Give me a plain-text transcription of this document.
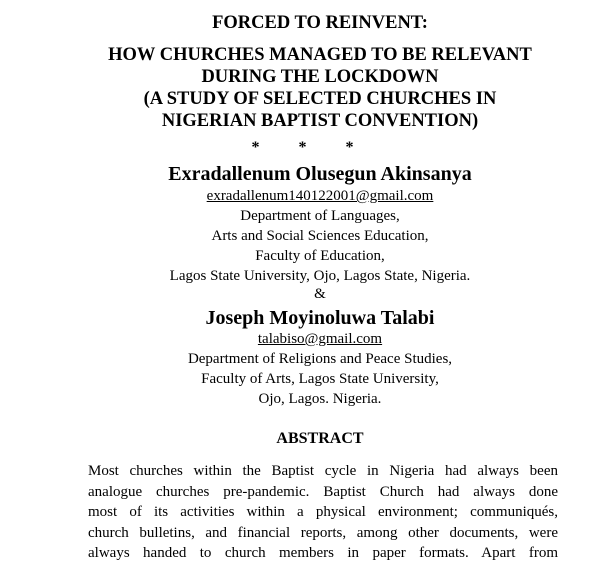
FORCED TO REINVENT:

HOW CHURCHES MANAGED TO BE RELEVANT

DURING THE LOCKDOWN

(A STUDY OF SELECTED CHURCHES IN

NIGERIAN BAPTIST CONVENTION)

* * *

Exradallenum Olusegun Akinsanya

exradallenum140122001@gmail.com
Department of Languages,
Arts and Social Sciences Education,
Faculty of Education,
Lagos State University, Ojo, Lagos State, Nigeria.
&

Joseph Moyinoluwa Talabi

talabiso@gmail.com
Department of Religions and Peace Studies,
Faculty of Arts, Lagos State University,
Ojo, Lagos. Nigeria.
ABSTRACT
Most churches within the Baptist cycle in Nigeria had always been
analogue churches pre-pandemic. Baptist Church had always done
most of its activities within a physical environment; communiqués,
church bulletins, and financial reports, among other documents, were
always handed to church members in paper formats. Apart from
